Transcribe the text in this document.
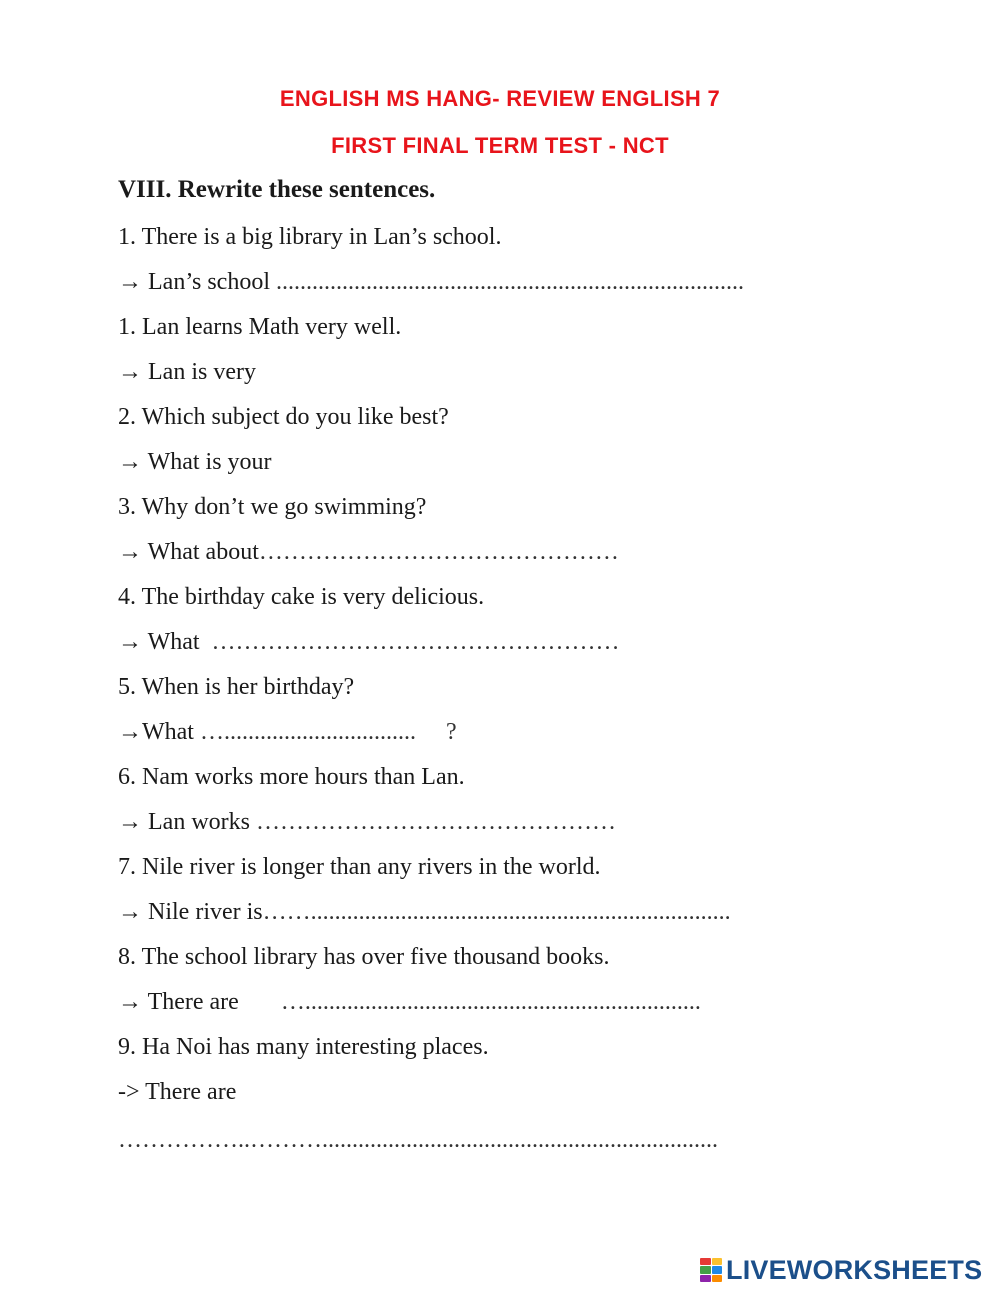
ENGLISH MS HANG- REVIEW ENGLISH 7
FIRST FINAL TERM TEST - NCT
VIII. Rewrite these sentences.
1. There is a big library in Lan’s school.
→ Lan’s school ..............................................................................
1. Lan learns Math very well.
→ Lan is very
2. Which subject do you like best?
→ What is your
3. Why don’t we go swimming?
→ What about………………………………………
4. The birthday cake is very delicious.
→ What ……………………………………………
5. When is her birthday?
→What …................................     ?
6. Nam works more hours than Lan.
→ Lan works ………………………………………
7. Nile river is longer than any rivers in the world.
→ Nile river is……......................................................................
8. The school library has over five thousand books.
→ There are …..................................................................
9. Ha Noi has many interesting places.
-> There are
……………..………..................................................................
LIVEWORKSHEETS
